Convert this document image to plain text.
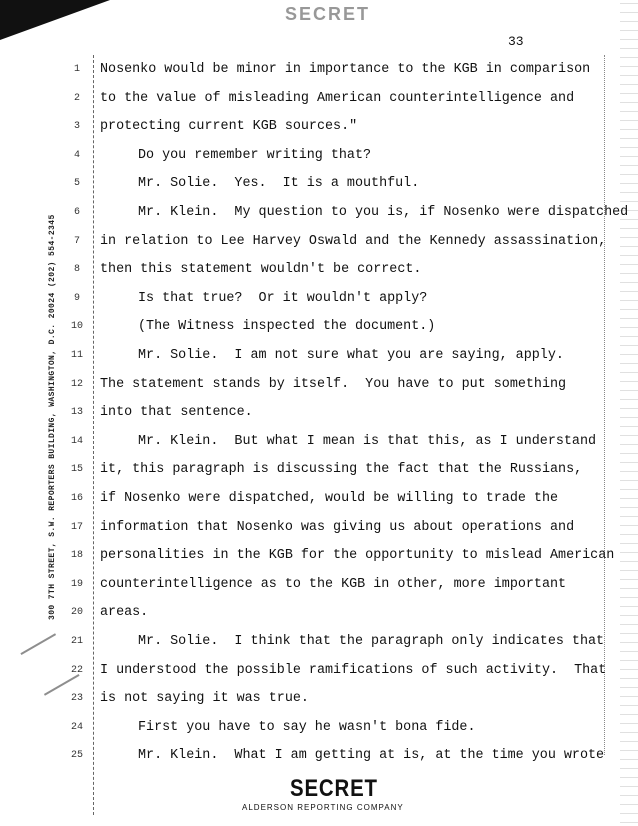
SECRET
33
300 7TH STREET, S.W. REPORTERS BUILDING, WASHINGTON, D.C. 20024 (202) 554-2345
1 Nosenko would be minor in importance to the KGB in comparison
2 to the value of misleading American counterintelligence and
3 protecting current KGB sources."
4	Do you remember writing that?
5	Mr. Solie.  Yes.  It is a mouthful.
6	Mr. Klein.  My question to you is, if Nosenko were dispatched
7 in relation to Lee Harvey Oswald and the Kennedy assassination,
8 then this statement wouldn't be correct.
9	Is that true?  Or it wouldn't apply?
10	(The Witness inspected the document.)
11	Mr. Solie.  I am not sure what you are saying, apply.
12 The statement stands by itself.  You have to put something
13 into that sentence.
14	Mr. Klein.  But what I mean is that this, as I understand
15 it, this paragraph is discussing the fact that the Russians,
16 if Nosenko were dispatched, would be willing to trade the
17 information that Nosenko was giving us about operations and
18 personalities in the KGB for the opportunity to mislead American
19 counterintelligence as to the KGB in other, more important
20 areas.
21	Mr. Solie.  I think that the paragraph only indicates that
22 I understood the possible ramifications of such activity.  That
23 is not saying it was true.
24	First you have to say he wasn't bona fide.
25	Mr. Klein.  What I am getting at is, at the time you wrote
SECRET
ALDERSON REPORTING COMPANY
